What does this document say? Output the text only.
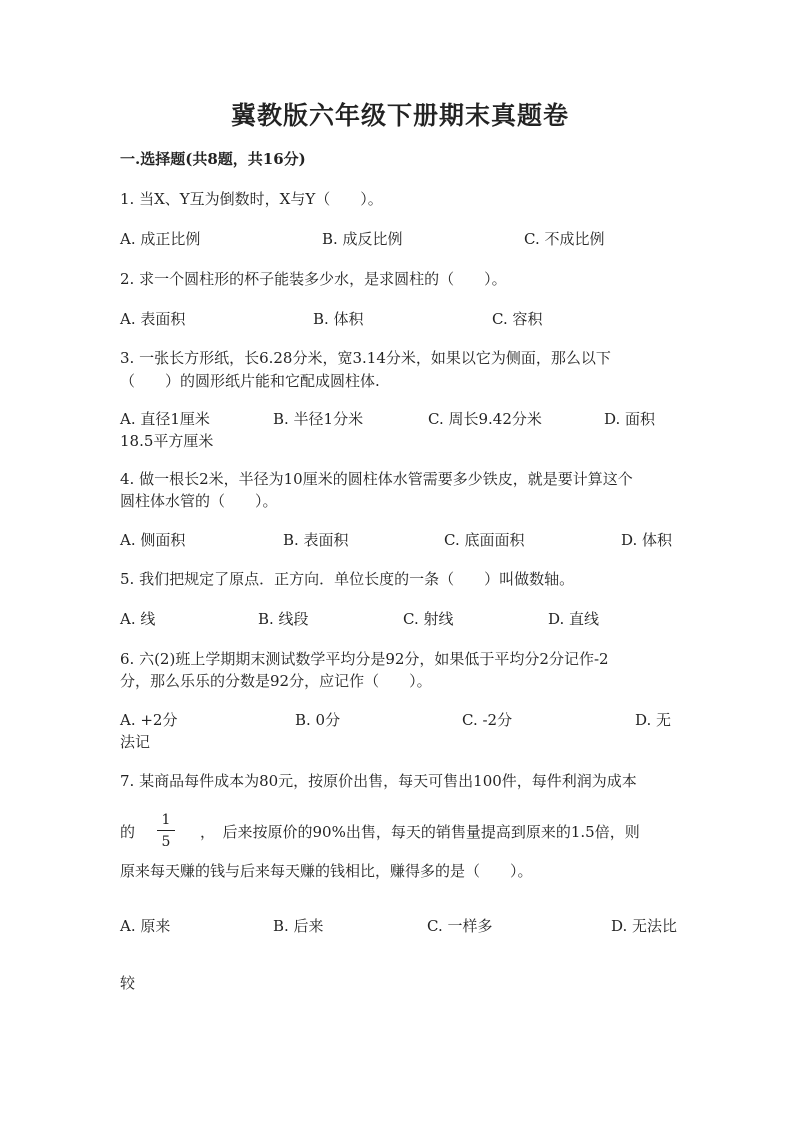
冀教版六年级下册期末真题卷
一.选择题(共8题，共16分)
1. 当X、Y互为倒数时，X与Y（　　）。
A. 成正比例	B. 成反比例	C. 不成比例
2. 求一个圆柱形的杯子能装多少水，是求圆柱的（　　）。
A. 表面积	B. 体积	C. 容积
3. 一张长方形纸，长6.28分米，宽3.14分米，如果以它为侧面，那么以下
（　　）的圆形纸片能和它配成圆柱体.
A. 直径1厘米	B. 半径1分米	C. 周长9.42分米	D. 面积
18.5平方厘米
4. 做一根长2米，半径为10厘米的圆柱体水管需要多少铁皮，就是要计算这个
圆柱体水管的（　　）。
A. 侧面积	B. 表面积	C. 底面面积	D. 体积
5. 我们把规定了原点．正方向．单位长度的一条（　　）叫做数轴。
A. 线	B. 线段	C. 射线	D. 直线
6. 六(2)班上学期期末测试数学平均分是92分，如果低于平均分2分记作-2
分，那么乐乐的分数是92分，应记作（　　）。
A. +2分	B. 0分	C. -2分	D. 无
法记
7. 某商品每件成本为80元，按原价出售，每天可售出100件，每件利润为成本
的
1
5
，　后来按原价的90%出售，每天的销售量提高到原来的1.5倍，则
原来每天赚的钱与后来每天赚的钱相比，赚得多的是（　　）。
A. 原来	B. 后来	C. 一样多	D. 无法比
较
